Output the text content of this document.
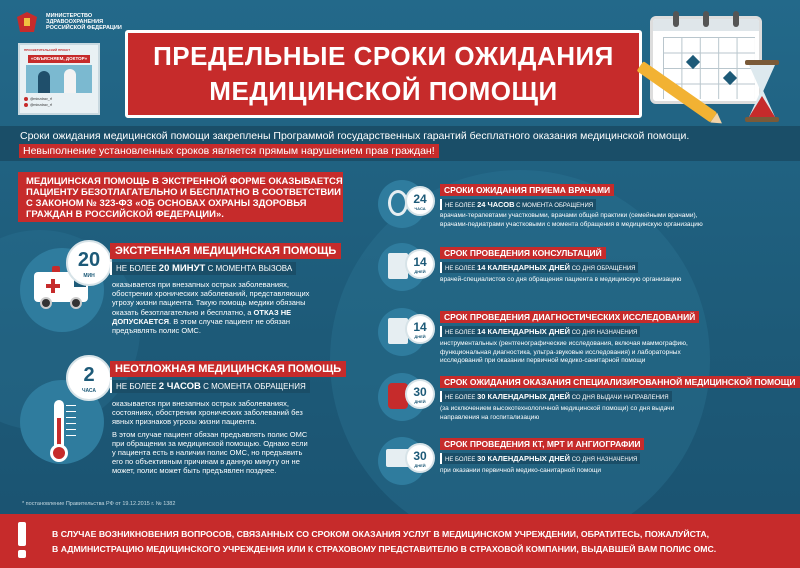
МИНИСТЕРСТВО ЗДРАВООХРАНЕНИЯ РОССИЙСКОЙ ФЕДЕРАЦИИ
ПРОСВЕТИТЕЛЬСКИЙ ПРОЕКТ
«ОБЪЯСНЯЕМ, ДОКТОР»
@minzdrav_rf
@minzdrav_rf
ПРЕДЕЛЬНЫЕ СРОКИ ОЖИДАНИЯ
МЕДИЦИНСКОЙ ПОМОЩИ
Сроки ожидания медицинской помощи закреплены Программой государственных гарантий бесплатного оказания медицинской помощи.
Невыполнение установленных сроков является прямым нарушением прав граждан!
МЕДИЦИНСКАЯ ПОМОЩЬ В ЭКСТРЕННОЙ ФОРМЕ ОКАЗЫВАЕТСЯ
ПАЦИЕНТУ БЕЗОТЛАГАТЕЛЬНО И БЕСПЛАТНО В СООТВЕТСТВИИ
С ЗАКОНОМ № 323-ФЗ «ОБ ОСНОВАХ ОХРАНЫ ЗДОРОВЬЯ
ГРАЖДАН В РОССИЙСКОЙ ФЕДЕРАЦИИ».
20
МИН
ЭКСТРЕННАЯ МЕДИЦИНСКАЯ ПОМОЩЬ
НЕ БОЛЕЕ 20 МИНУТ С МОМЕНТА ВЫЗОВА
оказывается при внезапных острых заболеваниях,
обострении хронических заболеваний, представляющих
угрозу жизни пациента. Такую помощь медики обязаны
оказать безотлагательно и бесплатно, а ОТКАЗ НЕ
ДОПУСКАЕТСЯ. В этом случае пациент не обязан
предъявлять полис ОМС.
2
ЧАСА
НЕОТЛОЖНАЯ МЕДИЦИНСКАЯ ПОМОЩЬ
НЕ БОЛЕЕ 2 ЧАСОВ С МОМЕНТА ОБРАЩЕНИЯ
оказывается при внезапных острых заболеваниях,
состояниях, обострении хронических заболеваний без
явных признаков угрозы жизни пациента.
В этом случае пациент обязан предъявлять полис ОМС
при обращении за медицинской помощью. Однако если
у пациента есть в наличии полис ОМС, но предъявить
его по объективным причинам в данную минуту он не
может, полис может быть предъявлен позднее.
* постановление Правительства РФ от 19.12.2015 г. № 1382
24
ЧАСА
СРОКИ ОЖИДАНИЯ ПРИЕМА ВРАЧАМИ
НЕ БОЛЕЕ 24 ЧАСОВ С МОМЕНТА ОБРАЩЕНИЯ
врачами-терапевтами участковыми, врачами общей практики (семейными врачами),
врачами-педиатрами участковыми с момента обращения в медицинскую организацию
14
ДНЕЙ
СРОК ПРОВЕДЕНИЯ КОНСУЛЬТАЦИЙ
НЕ БОЛЕЕ 14 КАЛЕНДАРНЫХ ДНЕЙ СО ДНЯ ОБРАЩЕНИЯ
врачей-специалистов со дня обращения пациента в медицинскую организацию
14
ДНЕЙ
СРОК ПРОВЕДЕНИЯ ДИАГНОСТИЧЕСКИХ ИССЛЕДОВАНИЙ
НЕ БОЛЕЕ 14 КАЛЕНДАРНЫХ ДНЕЙ СО ДНЯ НАЗНАЧЕНИЯ
инструментальных (рентгенографические исследования, включая маммографию,
функциональная диагностика, ультра-звуковые исследования) и лабораторных
исследований при оказании первичной медико-санитарной помощи
30
ДНЕЙ
СРОК ОЖИДАНИЯ ОКАЗАНИЯ СПЕЦИАЛИЗИРОВАННОЙ МЕДИЦИНСКОЙ ПОМОЩИ
НЕ БОЛЕЕ 30 КАЛЕНДАРНЫХ ДНЕЙ СО ДНЯ ВЫДАЧИ НАПРАВЛЕНИЯ
(за исключением высокотехнологичной медицинской помощи) со дня выдачи
направления на госпитализацию
30
ДНЕЙ
СРОК ПРОВЕДЕНИЯ КТ, МРТ И АНГИОГРАФИИ
НЕ БОЛЕЕ 30 КАЛЕНДАРНЫХ ДНЕЙ СО ДНЯ НАЗНАЧЕНИЯ
при оказании первичной медико-санитарной помощи
В СЛУЧАЕ ВОЗНИКНОВЕНИЯ ВОПРОСОВ, СВЯЗАННЫХ СО СРОКОМ ОКАЗАНИЯ УСЛУГ В МЕДИЦИНСКОМ УЧРЕЖДЕНИИ, ОБРАТИТЕСЬ, ПОЖАЛУЙСТА,
В АДМИНИСТРАЦИЮ МЕДИЦИНСКОГО УЧРЕЖДЕНИЯ ИЛИ К СТРАХОВОМУ ПРЕДСТАВИТЕЛЮ В СТРАХОВОЙ КОМПАНИИ, ВЫДАВШЕЙ ВАМ ПОЛИС ОМС.
